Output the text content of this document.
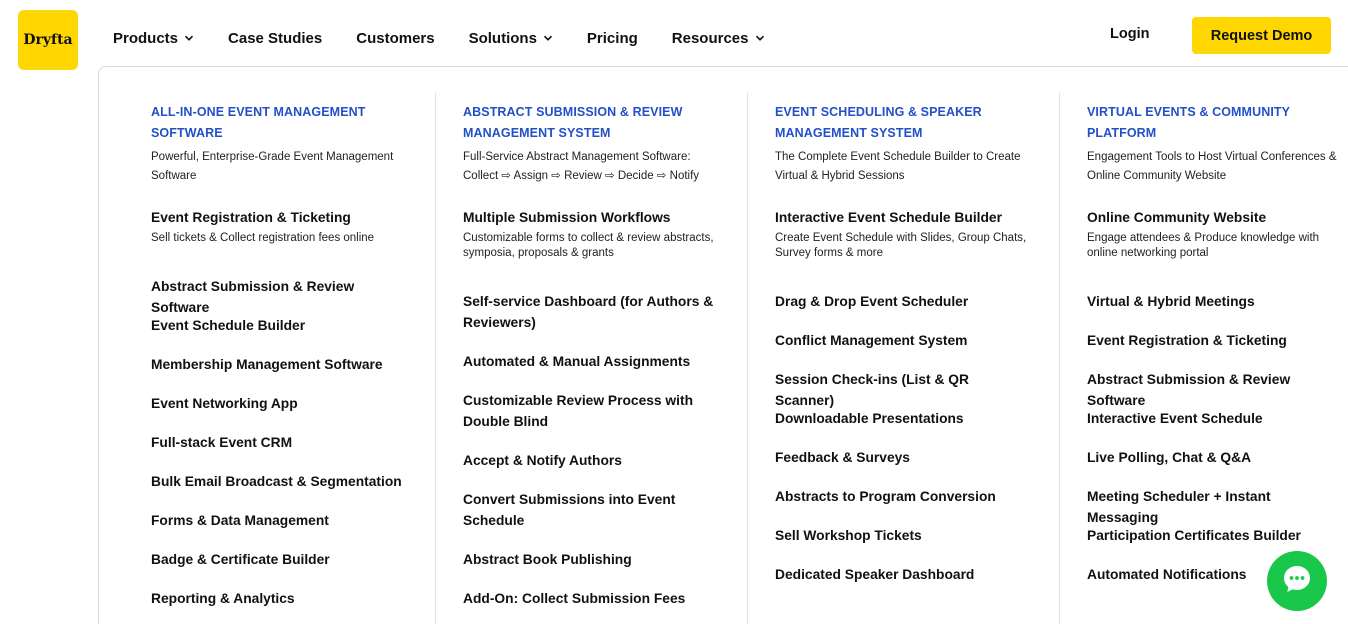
Dryfta	Products	Case Studies Customers Solutions	Pricing Resources	Login	Request Demo
ALL-IN-ONE EVENT MANAGEMENT SOFTWARE
Powerful, Enterprise-Grade Event Management Software
Event Registration & Ticketing
Sell tickets & Collect registration fees online
Abstract Submission & Review Software
Event Schedule Builder
Membership Management Software
Event Networking App
Full-stack Event CRM
Bulk Email Broadcast & Segmentation
Forms & Data Management
Badge & Certificate Builder
Reporting & Analytics
ABSTRACT SUBMISSION & REVIEW MANAGEMENT SYSTEM
Full-Service Abstract Management Software: Collect ⇨ Assign ⇨ Review ⇨ Decide ⇨ Notify
Multiple Submission Workflows
Customizable forms to collect & review abstracts, symposia, proposals & grants
Self-service Dashboard (for Authors & Reviewers)
Automated & Manual Assignments
Customizable Review Process with Double Blind
Accept & Notify Authors
Convert Submissions into Event Schedule
Abstract Book Publishing
Add-On: Collect Submission Fees
EVENT SCHEDULING & SPEAKER MANAGEMENT SYSTEM
The Complete Event Schedule Builder to Create Virtual & Hybrid Sessions
Interactive Event Schedule Builder
Create Event Schedule with Slides, Group Chats, Survey forms & more
Drag & Drop Event Scheduler
Conflict Management System
Session Check-ins (List & QR Scanner)
Downloadable Presentations
Feedback & Surveys
Abstracts to Program Conversion
Sell Workshop Tickets
Dedicated Speaker Dashboard
VIRTUAL EVENTS & COMMUNITY PLATFORM
Engagement Tools to Host Virtual Conferences & Online Community Website
Online Community Website
Engage attendees & Produce knowledge with online networking portal
Virtual & Hybrid Meetings
Event Registration & Ticketing
Abstract Submission & Review Software
Interactive Event Schedule
Live Polling, Chat & Q&A
Meeting Scheduler + Instant Messaging
Participation Certificates Builder
Automated Notifications
